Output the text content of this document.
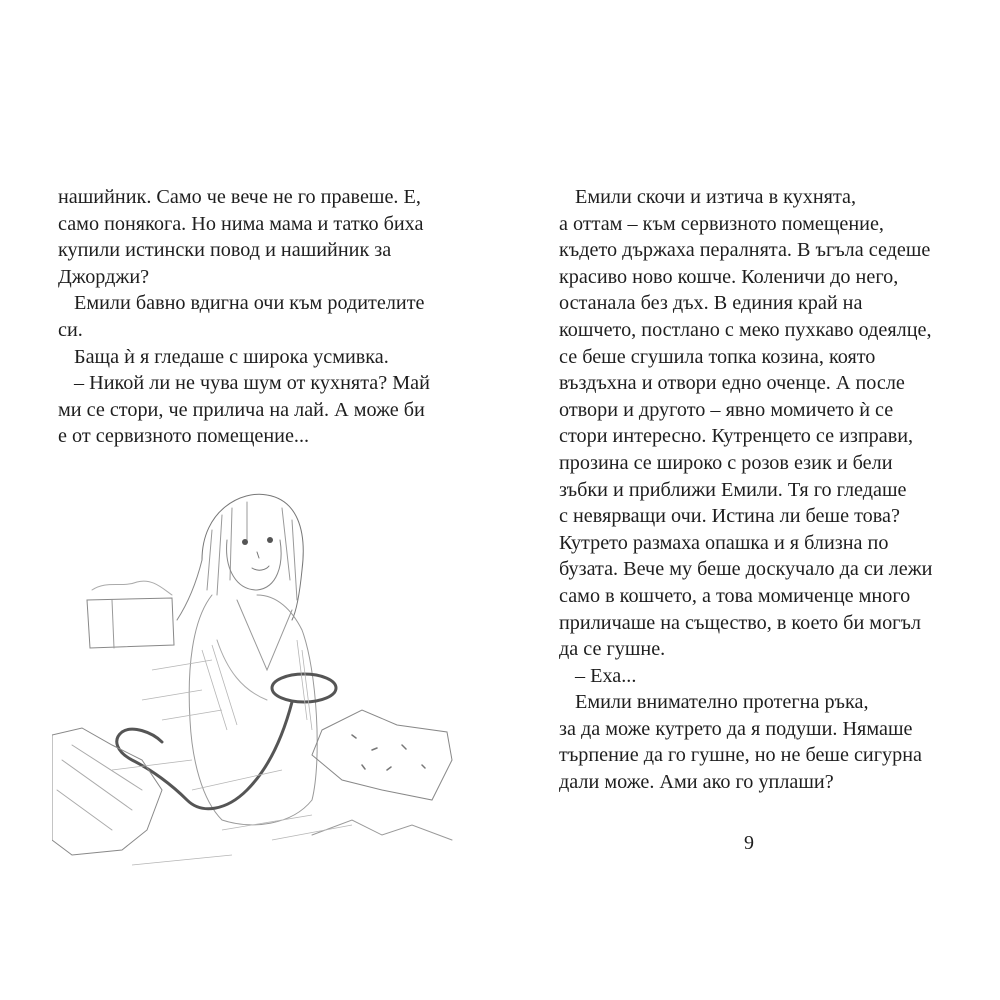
нашийник. Само че вече не го правеше. Е,
само понякога. Но нима мама и татко биха
купили истински повод и нашийник за
Джорджи?
Емили бавно вдигна очи към родителите
си.
Баща ѝ я гледаше с широка усмивка.
– Никой ли не чува шум от кухнята? Май
ми се стори, че прилича на лай. А може би
е от сервизното помещение...
Емили скочи и изтича в кухнята,
а оттам – към сервизното помещение,
където държаха пералнята. В ъгъла седеше
красиво ново кошче. Коленичи до него,
останала без дъх. В единия край на
кошчето, постлано с меко пухкаво одеялце,
се беше сгушила топка козина, която
въздъхна и отвори едно оченце. А после
отвори и другото – явно момичето ѝ се
стори интересно. Кутренцето се изправи,
прозина се широко с розов език и бели
зъбки и приближи Емили. Тя го гледаше
с невярващи очи. Истина ли беше това?
Кутрето размаха опашка и я близна по
бузата. Вече му беше доскучало да си лежи
само в кошчето, а това момиченце много
приличаше на същество, в което би могъл
да се гушне.
– Еха...
Емили внимателно протегна ръка,
за да може кутрето да я подуши. Нямаше
търпение да го гушне, но не беше сигурна
дали може. Ами ако го уплаши?
9
